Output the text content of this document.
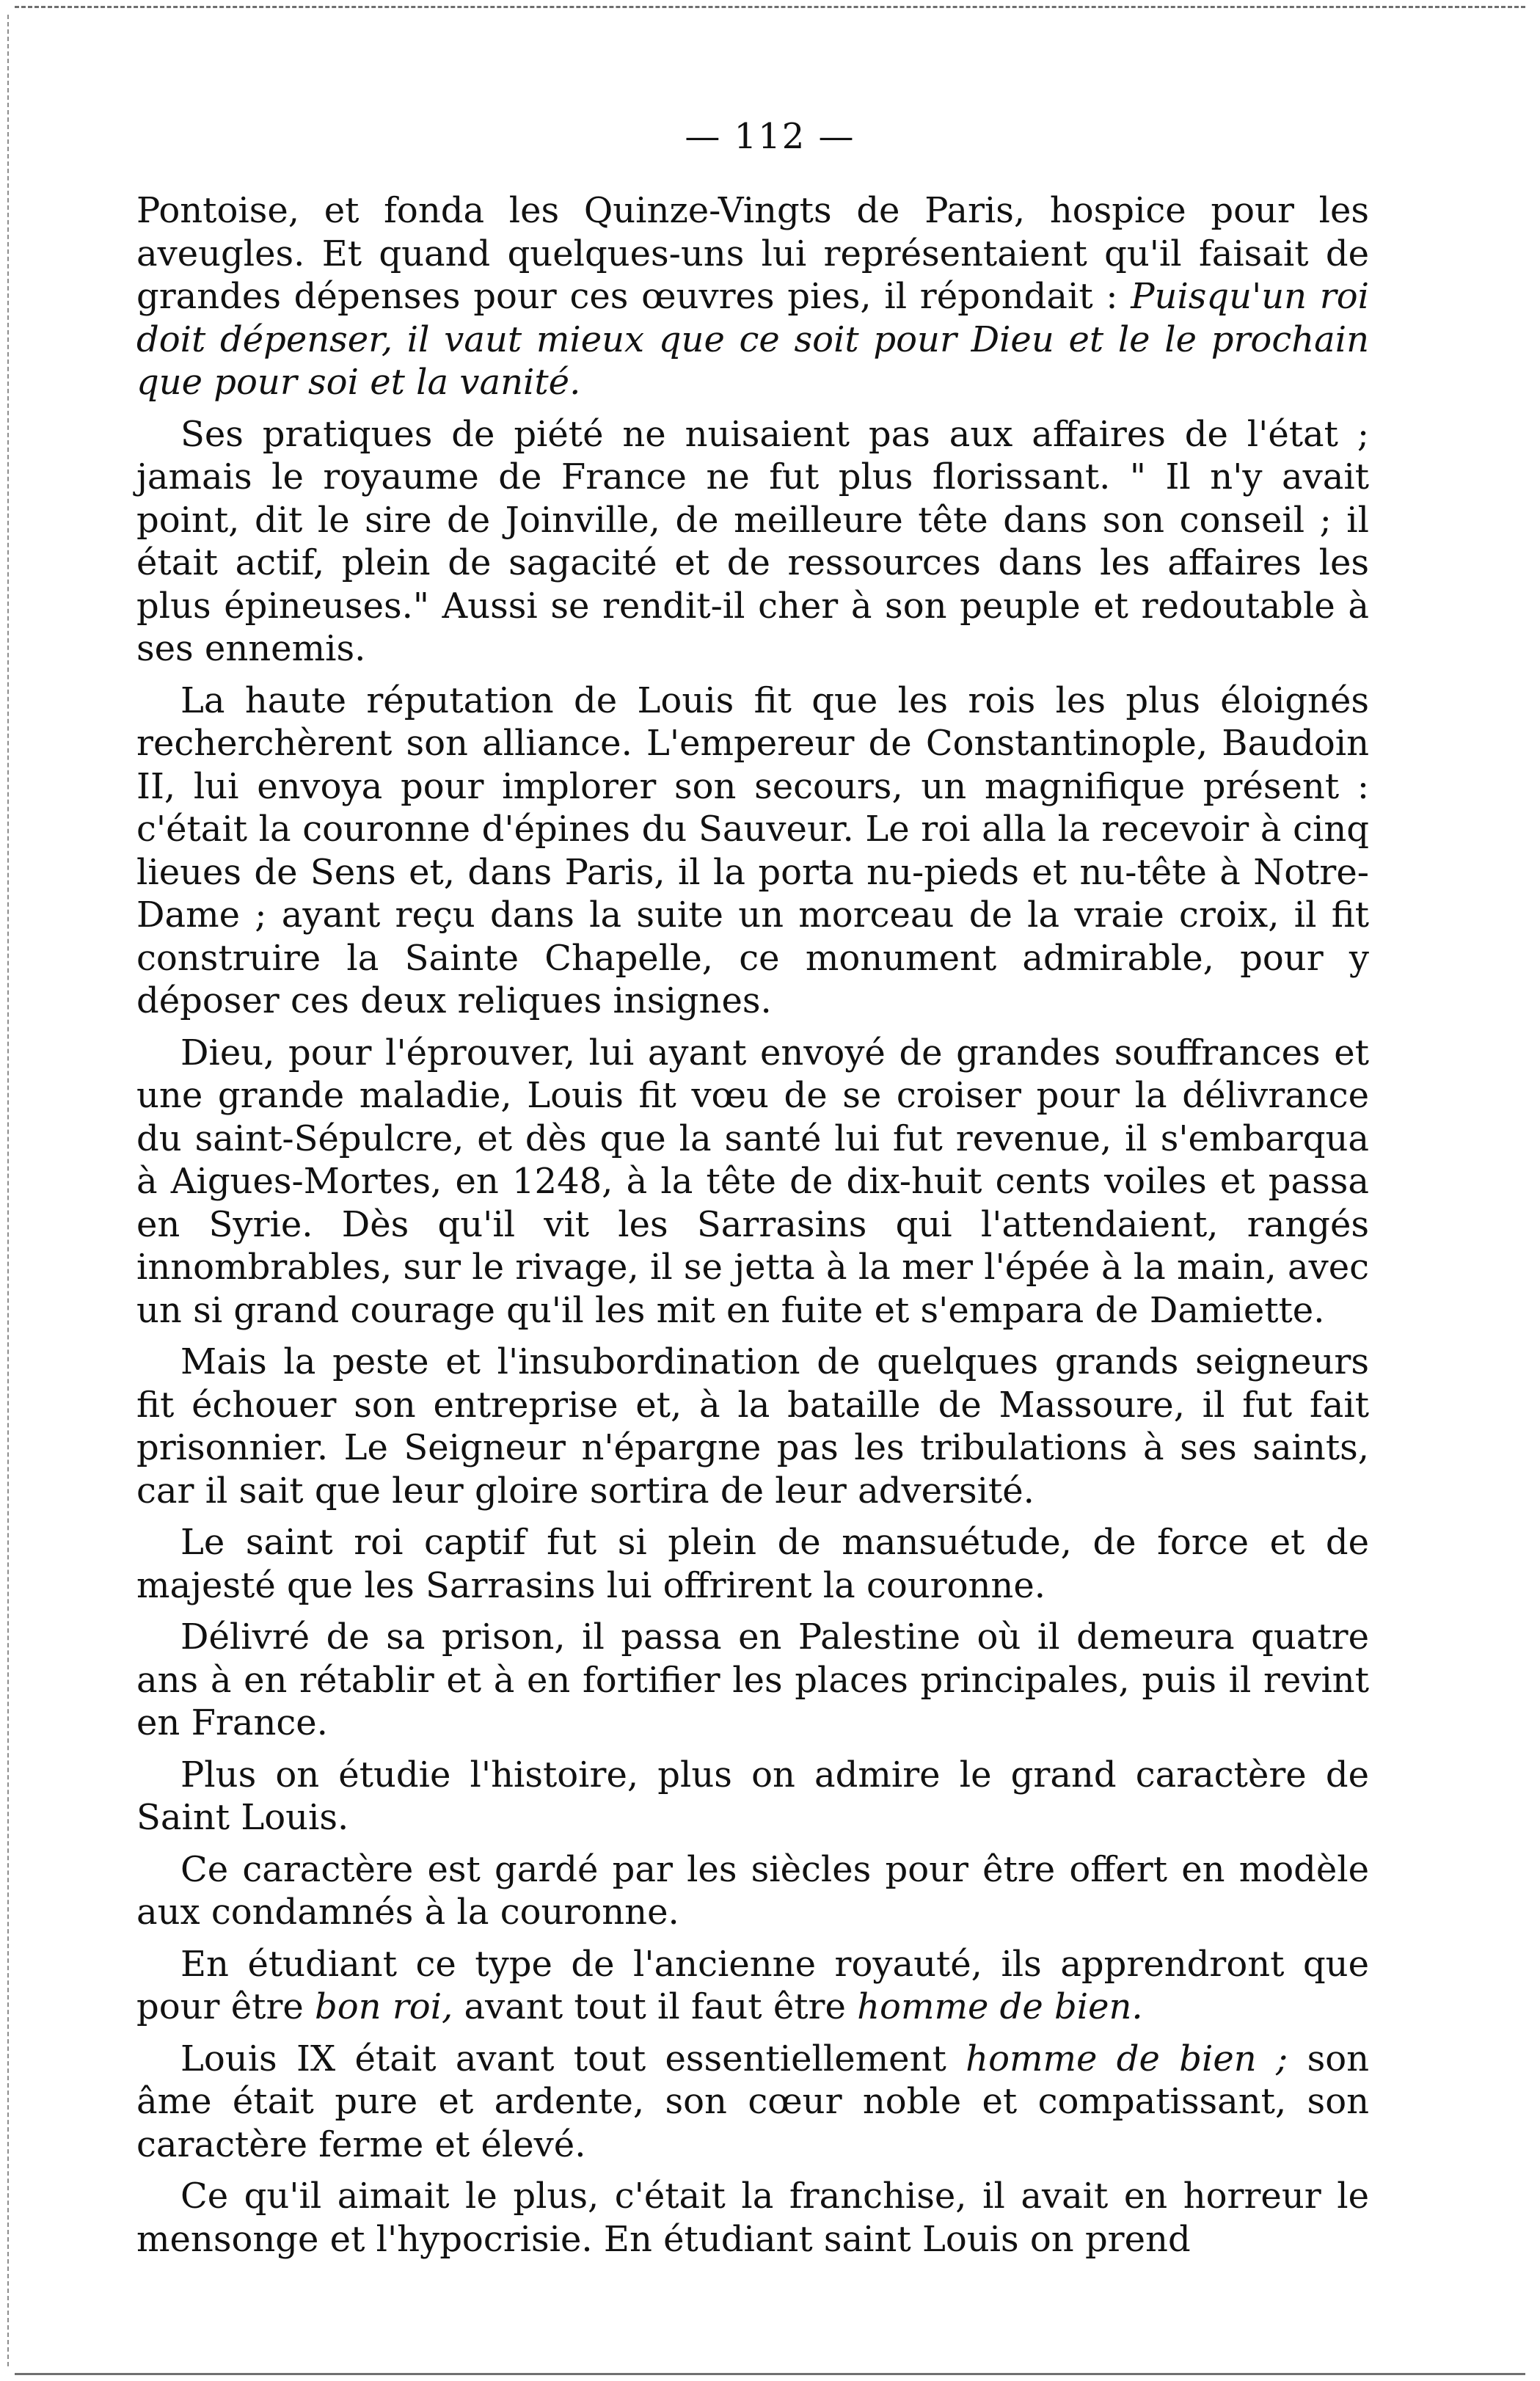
— 112 —

Pontoise, et fonda les Quinze-Vingts de Paris, hospice pour les aveugles. Et quand quelques-uns lui représentaient qu'il faisait de grandes dépenses pour ces œuvres pies, il répondait : Puisqu'un roi doit dépenser, il vaut mieux que ce soit pour Dieu et le le prochain que pour soi et la vanité.

Ses pratiques de piété ne nuisaient pas aux affaires de l'état ; jamais le royaume de France ne fut plus florissant. " Il n'y avait point, dit le sire de Joinville, de meilleure tête dans son conseil ; il était actif, plein de sagacité et de ressources dans les affaires les plus épineuses." Aussi se rendit-il cher à son peuple et redoutable à ses ennemis.

La haute réputation de Louis fit que les rois les plus éloignés recherchèrent son alliance. L'empereur de Constantinople, Baudoin II, lui envoya pour implorer son secours, un magnifique présent : c'était la couronne d'épines du Sauveur. Le roi alla la recevoir à cinq lieues de Sens et, dans Paris, il la porta nu-pieds et nu-tête à Notre-Dame ; ayant reçu dans la suite un morceau de la vraie croix, il fit construire la Sainte Chapelle, ce monument admirable, pour y déposer ces deux reliques insignes.

Dieu, pour l'éprouver, lui ayant envoyé de grandes souffrances et une grande maladie, Louis fit vœu de se croiser pour la délivrance du saint-Sépulcre, et dès que la santé lui fut revenue, il s'embarqua à Aigues-Mortes, en 1248, à la tête de dix-huit cents voiles et passa en Syrie. Dès qu'il vit les Sarrasins qui l'attendaient, rangés innombrables, sur le rivage, il se jetta à la mer l'épée à la main, avec un si grand courage qu'il les mit en fuite et s'empara de Damiette.

Mais la peste et l'insubordination de quelques grands seigneurs fit échouer son entreprise et, à la bataille de Massoure, il fut fait prisonnier. Le Seigneur n'épargne pas les tribulations à ses saints, car il sait que leur gloire sortira de leur adversité.

Le saint roi captif fut si plein de mansuétude, de force et de majesté que les Sarrasins lui offrirent la couronne.

Délivré de sa prison, il passa en Palestine où il demeura quatre ans à en rétablir et à en fortifier les places principales, puis il revint en France.

Plus on étudie l'histoire, plus on admire le grand caractère de Saint Louis.

Ce caractère est gardé par les siècles pour être offert en modèle aux condamnés à la couronne.

En étudiant ce type de l'ancienne royauté, ils apprendront que pour être bon roi, avant tout il faut être homme de bien.

Louis IX était avant tout essentiellement homme de bien ; son âme était pure et ardente, son cœur noble et compatissant, son caractère ferme et élevé.

Ce qu'il aimait le plus, c'était la franchise, il avait en horreur le mensonge et l'hypocrisie. En étudiant saint Louis on prend
